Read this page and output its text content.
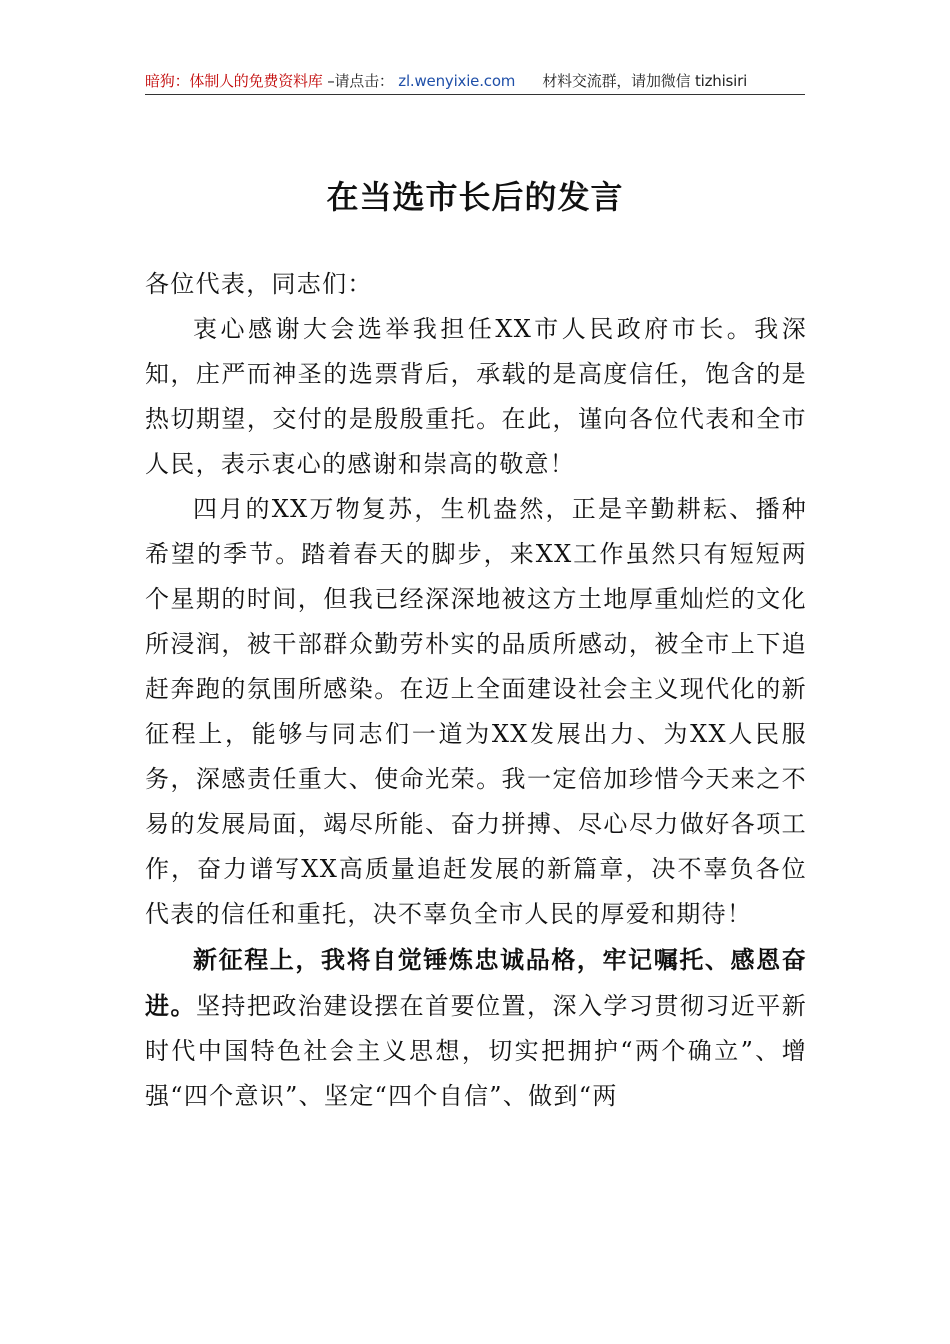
暗狗：体制人的免费资料库 –请点击： zl.wenyixie.com 材料交流群，请加微信 tizhisiri
在当选市长后的发言

各位代表，同志们：

衷心感谢大会选举我担任XX市人民政府市长。我深知，庄严而神圣的选票背后，承载的是高度信任，饱含的是热切期望，交付的是殷殷重托。在此，谨向各位代表和全市人民，表示衷心的感谢和崇高的敬意！

四月的XX万物复苏，生机盎然，正是辛勤耕耘、播种希望的季节。踏着春天的脚步，来XX工作虽然只有短短两个星期的时间，但我已经深深地被这方土地厚重灿烂的文化所浸润，被干部群众勤劳朴实的品质所感动，被全市上下追赶奔跑的氛围所感染。在迈上全面建设社会主义现代化的新征程上，能够与同志们一道为XX发展出力、为XX人民服务，深感责任重大、使命光荣。我一定倍加珍惜今天来之不易的发展局面，竭尽所能、奋力拼搏、尽心尽力做好各项工作，奋力谱写XX高质量追赶发展的新篇章，决不辜负各位代表的信任和重托，决不辜负全市人民的厚爱和期待！

新征程上，我将自觉锤炼忠诚品格，牢记嘱托、感恩奋进。坚持把政治建设摆在首要位置，深入学习贯彻习近平新时代中国特色社会主义思想，切实把拥护“两个确立”、增强“四个意识”、坚定“四个自信”、做到“两
